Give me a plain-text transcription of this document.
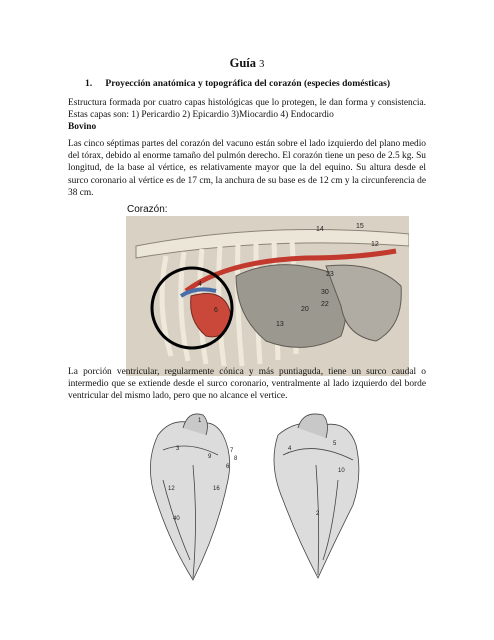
Guía 3
1. Proyección anatómica y topográfica del corazón (especies domésticas)
Estructura formada por cuatro capas histológicas que lo protegen, le dan forma y consistencia. Estas capas son: 1) Pericardio 2) Epicardio 3)Miocardio 4) Endocardio
Bovino
Las cinco séptimas partes del corazón del vacuno están sobre el lado izquierdo del plano medio del tórax, debido al enorme tamaño del pulmón derecho. El corazón tiene un peso de 2.5 kg. Su longitud, de la base al vértice, es relativamente mayor que la del equino. Su altura desde el surco coronario al vértice es de 17 cm, la anchura de su base es de 12 cm y la circunferencia de 38 cm.
Corazón:
15
14
12
20
4
6
23
22
30
13
La porción ventricular, regularmente cónica y más puntiaguda, tiene un surco caudal o intermedio que se extiende desde el surco coronario, ventralmente al lado izquierdo del borde ventricular del mismo lado, pero que no alcance el vertice.
1
3
6
7
8
9
12	16
40
4
5
10
2
